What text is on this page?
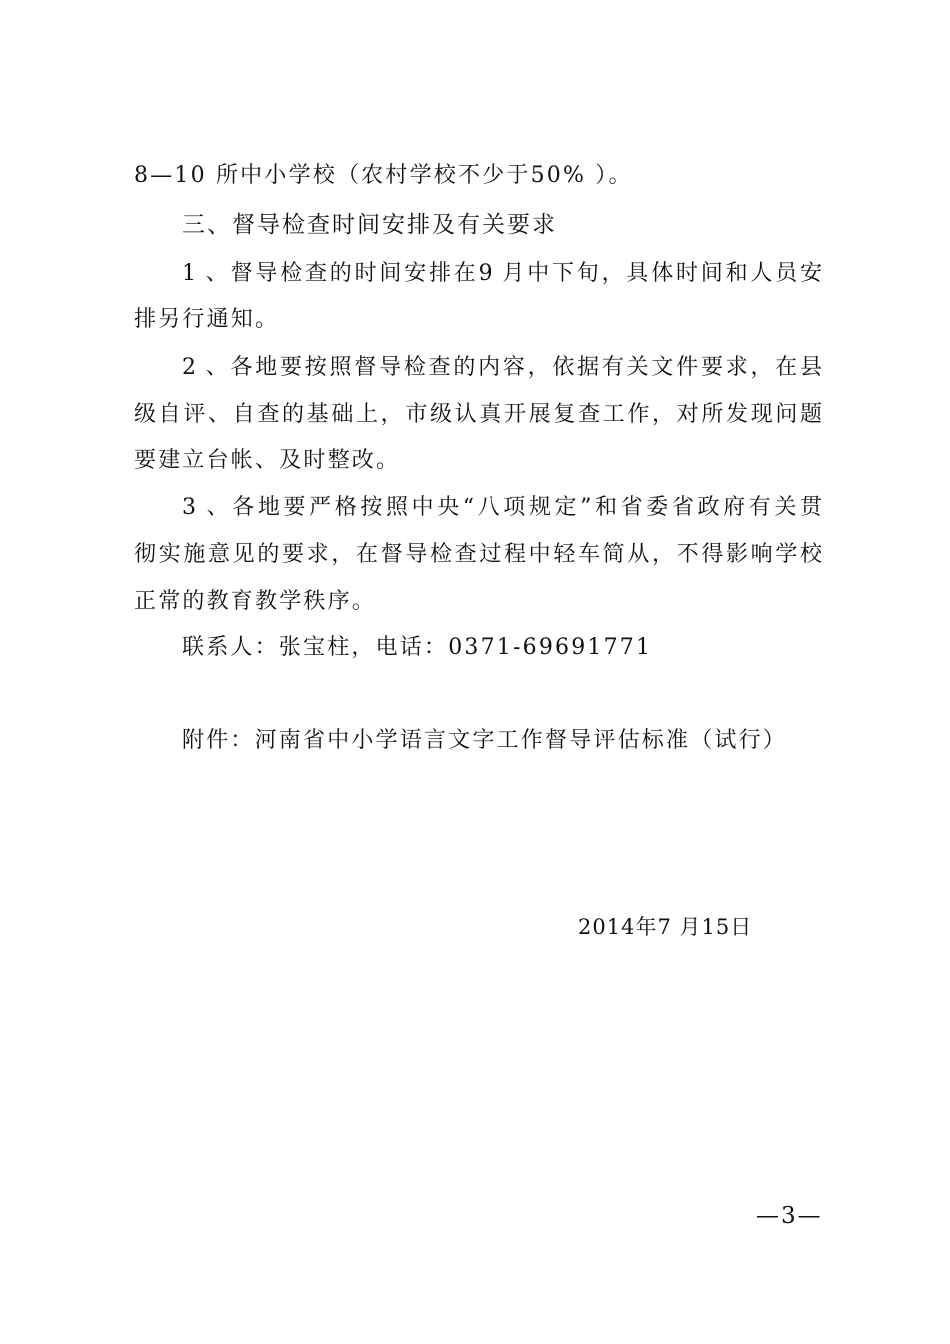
8—10 所中小学校（农村学校不少于50% ）。
三、督导检查时间安排及有关要求
1 、督导检查的时间安排在9 月中下旬，具体时间和人员安
排另行通知。
2 、各地要按照督导检查的内容，依据有关文件要求，在县
级自评、自查的基础上，市级认真开展复查工作，对所发现问题
要建立台帐、及时整改。
3 、各地要严格按照中央“八项规定”和省委省政府有关贯
彻实施意见的要求，在督导检查过程中轻车简从，不得影响学校
正常的教育教学秩序。
联系人：张宝柱，电话：0371-69691771
附件：河南省中小学语言文字工作督导评估标准（试行）
2014年7 月15日
—3—
